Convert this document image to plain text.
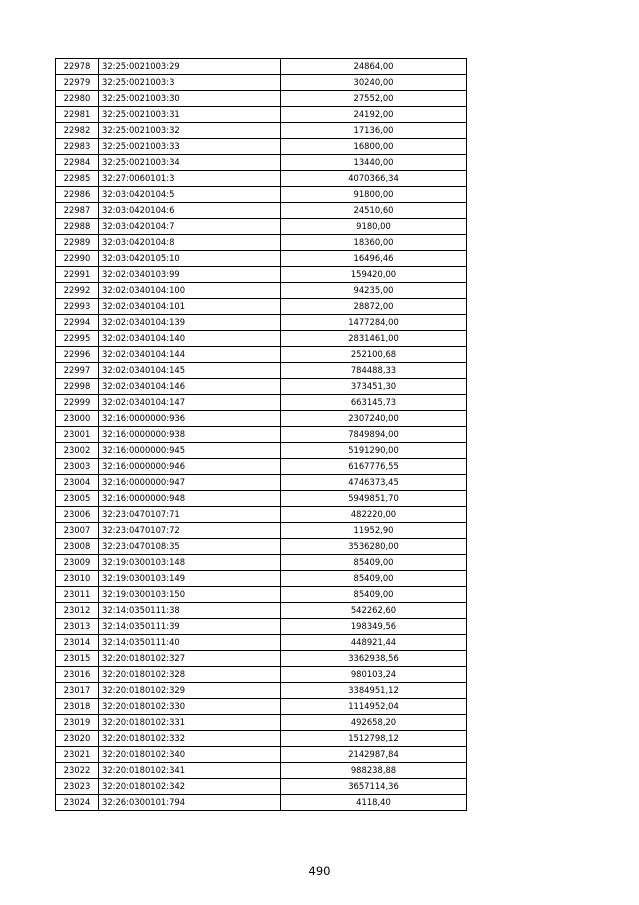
22978	32:25:0021003:29	24864,00
22979	32:25:0021003:3	30240,00
22980	32:25:0021003:30	27552,00
22981	32:25:0021003:31	24192,00
22982	32:25:0021003:32	17136,00
22983	32:25:0021003:33	16800,00
22984	32:25:0021003:34	13440,00
22985	32:27:0060101:3	4070366,34
22986	32:03:0420104:5	91800,00
22987	32:03:0420104:6	24510,60
22988	32:03:0420104:7	9180,00
22989	32:03:0420104:8	18360,00
22990	32:03:0420105:10	16496,46
22991	32:02:0340103:99	159420,00
22992	32:02:0340104:100	94235,00
22993	32:02:0340104:101	28872,00
22994	32:02:0340104:139	1477284,00
22995	32:02:0340104:140	2831461,00
22996	32:02:0340104:144	252100,68
22997	32:02:0340104:145	784488,33
22998	32:02:0340104:146	373451,30
22999	32:02:0340104:147	663145,73
23000	32:16:0000000:936	2307240,00
23001	32:16:0000000:938	7849894,00
23002	32:16:0000000:945	5191290,00
23003	32:16:0000000:946	6167776,55
23004	32:16:0000000:947	4746373,45
23005	32:16:0000000:948	5949851,70
23006	32:23:0470107:71	482220,00
23007	32:23:0470107:72	11952,90
23008	32:23:0470108:35	3536280,00
23009	32:19:0300103:148	85409,00
23010	32:19:0300103:149	85409,00
23011	32:19:0300103:150	85409,00
23012	32:14:0350111:38	542262,60
23013	32:14:0350111:39	198349,56
23014	32:14:0350111:40	448921,44
23015	32:20:0180102:327	3362938,56
23016	32:20:0180102:328	980103,24
23017	32:20:0180102:329	3384951,12
23018	32:20:0180102:330	1114952,04
23019	32:20:0180102:331	492658,20
23020	32:20:0180102:332	1512798,12
23021	32:20:0180102:340	2142987,84
23022	32:20:0180102:341	988238,88
23023	32:20:0180102:342	3657114,36
23024	32:26:0300101:794	4118,40
490
